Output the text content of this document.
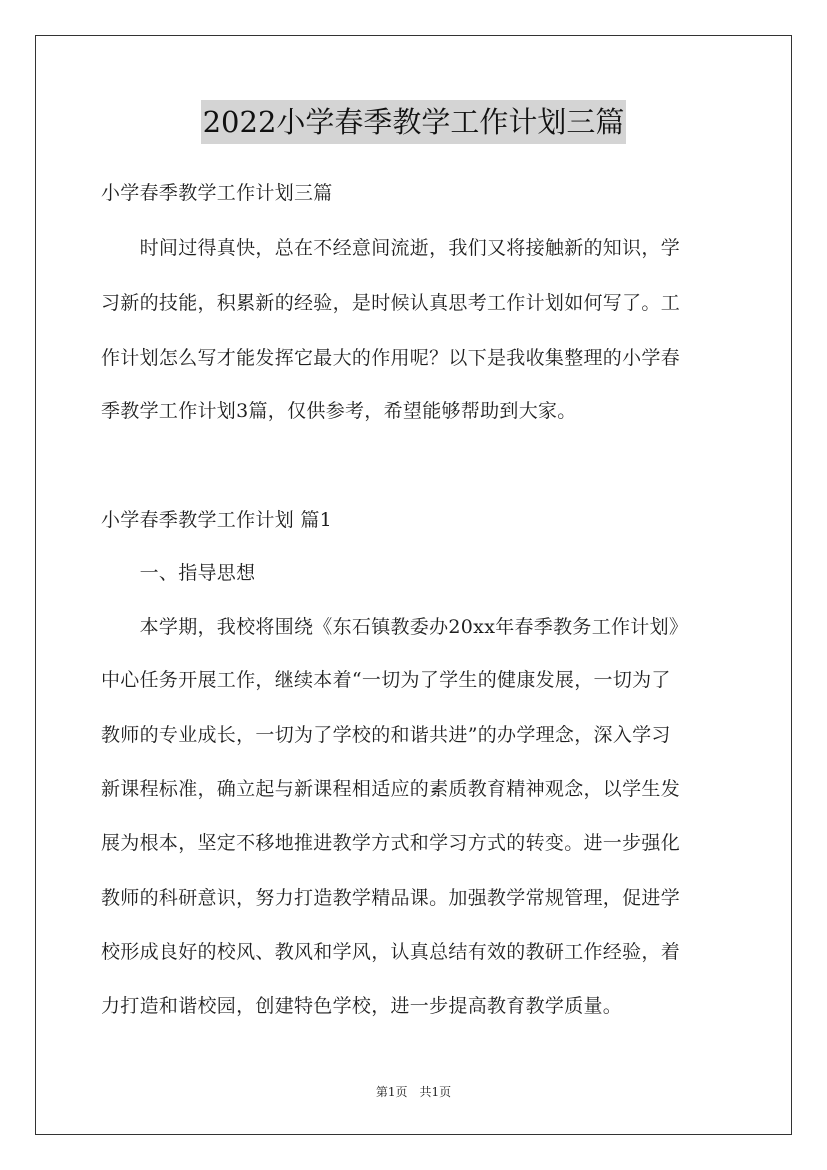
2022小学春季教学工作计划三篇
小学春季教学工作计划三篇
　　时间过得真快，总在不经意间流逝，我们又将接触新的知识，学
习新的技能，积累新的经验，是时候认真思考工作计划如何写了。工
作计划怎么写才能发挥它最大的作用呢？以下是我收集整理的小学春
季教学工作计划3篇，仅供参考，希望能够帮助到大家。
小学春季教学工作计划 篇1
　　一、指导思想
　　本学期，我校将围绕《东石镇教委办20xx年春季教务工作计划》
中心任务开展工作，继续本着“一切为了学生的健康发展，一切为了
教师的专业成长，一切为了学校的和谐共进”的办学理念，深入学习
新课程标准，确立起与新课程相适应的素质教育精神观念，以学生发
展为根本，坚定不移地推进教学方式和学习方式的转变。进一步强化
教师的科研意识，努力打造教学精品课。加强教学常规管理，促进学
校形成良好的校风、教风和学风，认真总结有效的教研工作经验，着
力打造和谐校园，创建特色学校，进一步提高教育教学质量。
第1页　共1页
